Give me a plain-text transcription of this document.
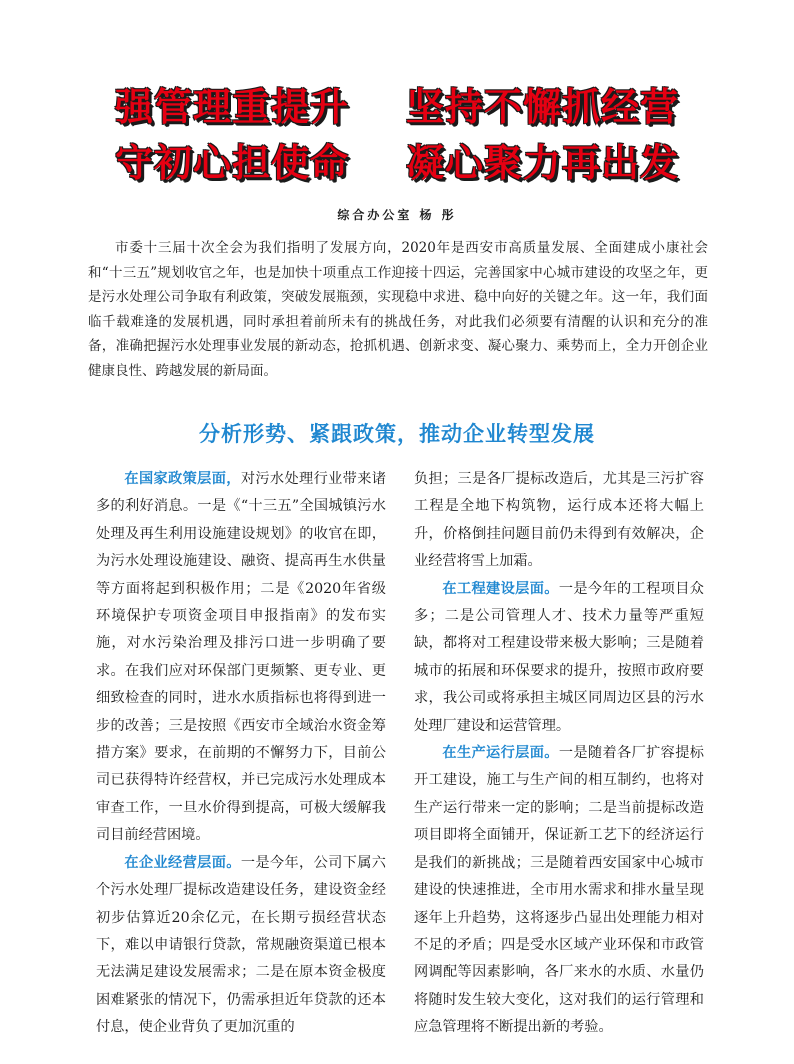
强管理重提升    坚持不懈抓经营
守初心担使命    凝心聚力再出发
综合办公室 杨 彤

市委十三届十次全会为我们指明了发展方向，2020年是西安市高质量发展、全面建成小康社会和“十三五”规划收官之年，也是加快十项重点工作迎接十四运，完善国家中心城市建设的攻坚之年，更是污水处理公司争取有利政策，突破发展瓶颈，实现稳中求进、稳中向好的关键之年。这一年，我们面临千载难逢的发展机遇，同时承担着前所未有的挑战任务，对此我们必须要有清醒的认识和充分的准备，准确把握污水处理事业发展的新动态，抢抓机遇、创新求变、凝心聚力、乘势而上，全力开创企业健康良性、跨越发展的新局面。

分析形势、紧跟政策，推动企业转型发展

在国家政策层面，对污水处理行业带来诸多的利好消息。一是《“十三五”全国城镇污水处理及再生利用设施建设规划》的收官在即，为污水处理设施建设、融资、提高再生水供量等方面将起到积极作用；二是《2020年省级环境保护专项资金项目申报指南》的发布实施，对水污染治理及排污口进一步明确了要求。在我们应对环保部门更频繁、更专业、更细致检查的同时，进水水质指标也将得到进一步的改善；三是按照《西安市全域治水资金筹措方案》要求，在前期的不懈努力下，目前公司已获得特许经营权，并已完成污水处理成本审查工作，一旦水价得到提高，可极大缓解我司目前经营困境。

在企业经营层面。一是今年，公司下属六个污水处理厂提标改造建设任务，建设资金经初步估算近20余亿元，在长期亏损经营状态下，难以申请银行贷款，常规融资渠道已根本无法满足建设发展需求；二是在原本资金极度困难紧张的情况下，仍需承担近年贷款的还本付息，使企业背负了更加沉重的

负担；三是各厂提标改造后，尤其是三污扩容工程是全地下构筑物，运行成本还将大幅上升，价格倒挂问题目前仍未得到有效解决，企业经营将雪上加霜。

在工程建设层面。一是今年的工程项目众多；二是公司管理人才、技术力量等严重短缺，都将对工程建设带来极大影响；三是随着城市的拓展和环保要求的提升，按照市政府要求，我公司或将承担主城区同周边区县的污水处理厂建设和运营管理。

在生产运行层面。一是随着各厂扩容提标开工建设，施工与生产间的相互制约，也将对生产运行带来一定的影响；二是当前提标改造项目即将全面铺开，保证新工艺下的经济运行是我们的新挑战；三是随着西安国家中心城市建设的快速推进，全市用水需求和排水量呈现逐年上升趋势，这将逐步凸显出处理能力相对不足的矛盾；四是受水区域产业环保和市政管网调配等因素影响，各厂来水的水质、水量仍将随时发生较大变化，这对我们的运行管理和应急管理将不断提出新的考验。
